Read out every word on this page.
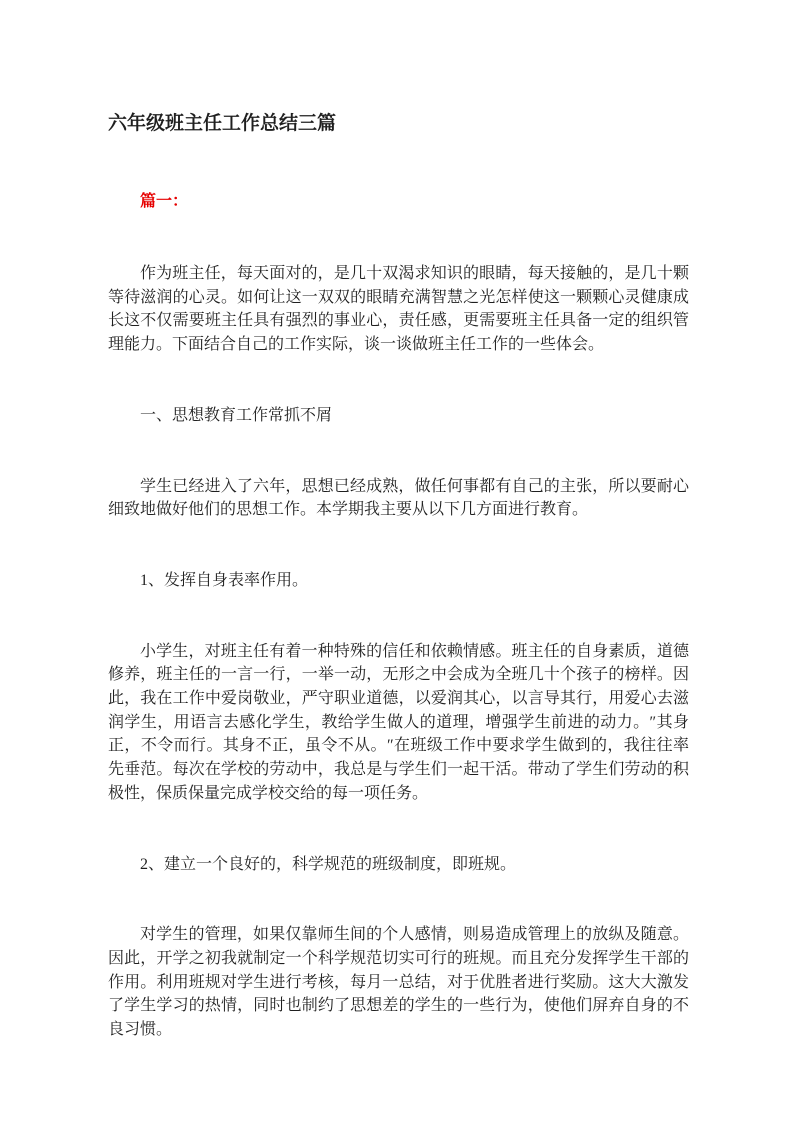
六年级班主任工作总结三篇

篇一：

作为班主任，每天面对的，是几十双渴求知识的眼睛，每天接触的，是几十颗等待滋润的心灵。如何让这一双双的眼睛充满智慧之光怎样使这一颗颗心灵健康成长这不仅需要班主任具有强烈的事业心，责任感，更需要班主任具备一定的组织管理能力。下面结合自己的工作实际，谈一谈做班主任工作的一些体会。

一、思想教育工作常抓不屑

学生已经进入了六年，思想已经成熟，做任何事都有自己的主张，所以要耐心细致地做好他们的思想工作。本学期我主要从以下几方面进行教育。

1、发挥自身表率作用。

小学生，对班主任有着一种特殊的信任和依赖情感。班主任的自身素质，道德修养，班主任的一言一行，一举一动，无形之中会成为全班几十个孩子的榜样。因此，我在工作中爱岗敬业，严守职业道德，以爱润其心，以言导其行，用爱心去滋润学生，用语言去感化学生，教给学生做人的道理，增强学生前进的动力。″其身正，不令而行。其身不正，虽令不从。″在班级工作中要求学生做到的，我往往率先垂范。每次在学校的劳动中，我总是与学生们一起干活。带动了学生们劳动的积极性，保质保量完成学校交给的每一项任务。

2、建立一个良好的，科学规范的班级制度，即班规。

对学生的管理，如果仅靠师生间的个人感情，则易造成管理上的放纵及随意。因此，开学之初我就制定一个科学规范切实可行的班规。而且充分发挥学生干部的作用。利用班规对学生进行考核，每月一总结，对于优胜者进行奖励。这大大激发了学生学习的热情，同时也制约了思想差的学生的一些行为，使他们屏弃自身的不良习惯。
